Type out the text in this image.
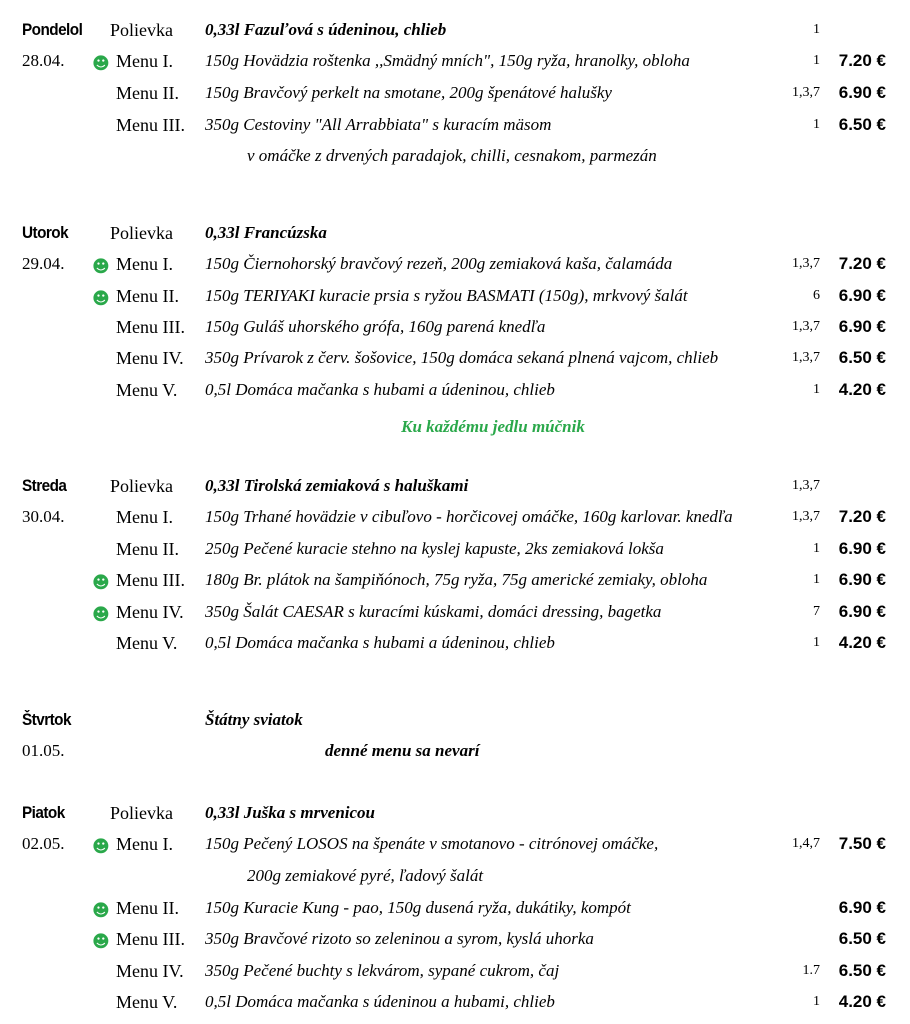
Pondelol Polievka 0,33l Fazuľová s údeninou, chlieb	1
28.04. ☻ Menu I. 150g Hovädzia roštenka ,,Smädný mních", 150g ryža, hranolky, obloha	1	7.20 €
Menu II. 150g Bravčový perkelt na smotane, 200g špenátové halušky	1,3,7	6.90 €
Menu III. 350g Cestoviny "All Arrabbiata" s kuracím mäsom	1	6.50 €
v omáčke z drvených paradajok, chilli, cesnakom, parmezán
Utorok Polievka 0,33l Francúzska
29.04. ☻ Menu I. 150g Čiernohorský bravčový rezeň, 200g zemiaková kaša, čalamáda	1,3,7	7.20 €
☻ Menu II. 150g TERIYAKI kuracie prsia s ryžou BASMATI (150g), mrkvový šalát	6	6.90 €
Menu III. 150g Guláš uhorského grófa, 160g parená knedľa	1,3,7	6.90 €
Menu IV. 350g Prívarok z červ. šošovice, 150g domáca sekaná plnená vajcom, chlieb	1,3,7	6.50 €
Menu V. 0,5l Domáca mačanka s hubami a údeninou, chlieb	1	4.20 €
Ku každému jedlu múčnik
Streda Polievka 0,33l Tirolská zemiaková s haluškami	1,3,7
30.04.	Menu I. 150g Trhané hovädzie v cibuľovo - horčicovej omáčke, 160g karlovar. knedľa	1,3,7	7.20 €
Menu II. 250g Pečené kuracie stehno na kyslej kapuste, 2ks zemiaková lokša	1	6.90 €
☻ Menu III. 180g Br. plátok na šampiňónoch, 75g ryža, 75g americké zemiaky, obloha	1	6.90 €
☻ Menu IV. 350g Šalát CAESAR s kuracími kúskami, domáci dressing, bagetka	7	6.90 €
Menu V. 0,5l Domáca mačanka s hubami a údeninou, chlieb	1	4.20 €
Štvrtok	Štátny sviatok
01.05.	denné menu sa nevarí
Piatok	Polievka 0,33l Juška s mrvenicou
02.05. ☻ Menu I. 150g Pečený LOSOS na špenáte v smotanovo - citrónovej omáčke,	1,4,7	7.50 €
200g zemiakové pyré, ľadový šalát
☻ Menu II. 150g Kuracie Kung - pao, 150g dusená ryža, dukátiky, kompót	6.90 €
☻ Menu III. 350g Bravčové rizoto so zeleninou a syrom, kyslá uhorka	6.50 €
Menu IV. 350g Pečené buchty s lekvárom, sypané cukrom, čaj	1.7	6.50 €
Menu V. 0,5l Domáca mačanka s údeninou a hubami, chlieb	1	4.20 €
